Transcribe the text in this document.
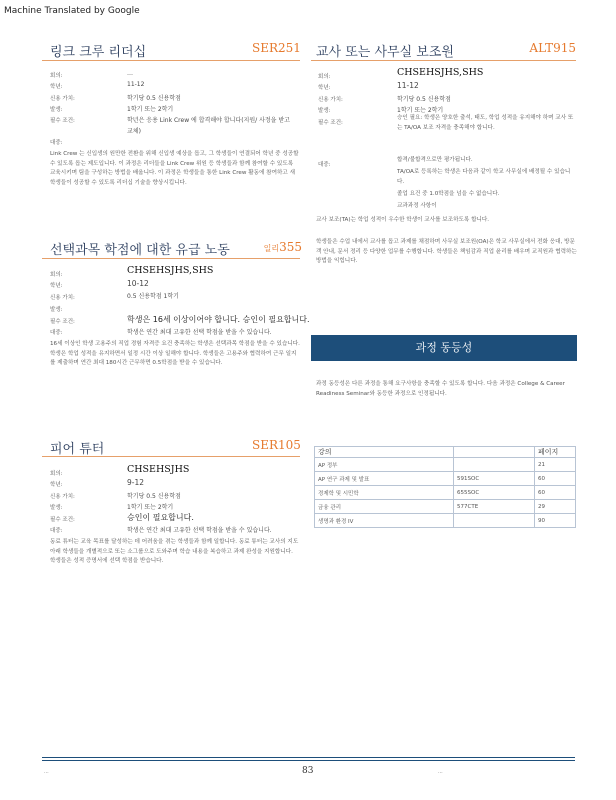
Machine Translated by Google
링크 크루 리더십	SER251
회의:	…
학년:	11-12
신용 가치:	학기당 0.5 신용학점
발생:	1학기 또는 2학기
필수 조건:	학년은 응용 Link Crew 에 합격해야 합니다(지원/ 사정을 받고
교체)
대중:
Link Crew 는 신입생의 원만한 전환을 위해 신입생 예상을 돕고, 그 학생들이 연결되어 학년 중 성공할 수 있도록 돕는 제도입니다. 이 과정은 리더들을 Link Crew 위원 등 학생들과 함께 참여할 수 있도록 교육시키며 팀을 구성하는 방법을 배웁니다. 이 과정은 학생들을 통한 Link Crew 활동에 참여하고 새 학생들이 성공할 수 있도록 리더십 기술을 향상시킵니다.
선택과목 학점에 대한 유급 노동	일리355
회의:	CHSEHSJHS,SHS
학년:	10-12
신용 가치:	0.5 신용학점 1학기
발생:
필수 조건:	학생은 16세 이상이어야 합니다. 승인이 필요합니다.
대중:	학생은 연간 최대 고유한 선택 학점을 받을 수 있습니다.
16세 이상인 학생 고용주의 직업 경험 자격증 요건 충족하는 학생은 선택과목 학점을 받을 수 있습니다. 학생은 학업 성적을 유지하면서 일정 시간 이상 일해야 합니다. 학생들은 고용주와 협력하여 근무 일지를 제출하며 연간 최대 180시간 근무하면 0.5학점을 받을 수 있습니다.
피어 튜터	SER105
회의:	CHSEHSJHS
학년:	9-12
신용 가치:	학기당 0.5 신용학점
발생:	1학기 또는 2학기
필수 조건:	승인이 필요합니다.
대중:	학생은 연간 최대 고유한 선택 학점을 받을 수 있습니다.
동료 튜터는 교육 목표를 달성하는 데 어려움을 겪는 학생들과 함께 일합니다. 동료 튜터는 교사의 지도 아래 학생들을 개별적으로 또는 소그룹으로 도와주며 학습 내용을 복습하고 과제 완성을 지원합니다. 학생들은 성적 증명서에 선택 학점을 받습니다.
교사 또는 사무실 보조원	ALT915
회의:	CHSEHSJHS,SHS
학년:	11-12
신용 가치:	학기당 0.5 신용학점
발생:	1학기 또는 2학기
필수 조건:
승인 필요: 학생은 양호한 출석, 태도, 학업 성적을 유지해야 하며 교사 또는 TA/OA 보조 자격을 충족해야 합니다.
대중:
합격/불합격으로만 평가됩니다.
TA/OA로 등록하는 학생은 다음과 같이 학교 사무실에 배정될 수 있습니다.
졸업 요건 중 1.0학점을 넘을 수 없습니다.
교과과정 사항이
교사 보조(TA)는 학업 성적이 우수한 학생이 교사를 보조하도록 합니다.
학생들은 수업 내에서 교사를 돕고 과제를 채점하며 사무실 보조원(OA)은 학교 사무실에서 전화 응대, 방문객 안내, 문서 정리 등 다양한 업무를 수행합니다. 학생들은 책임감과 직업 윤리를 배우며 교직원과 협력하는 방법을 익힙니다.
과정 동등성
과정 동등성은 다른 과정을 통해 요구사항을 충족할 수 있도록 합니다. 다음 과정은 College & Career Readiness Seminar와 동등한 과정으로 인정됩니다.
강의		페이지
AP 정부		21
AP 연구 과제 및 발표	591SOC	60
경제학 및 시민학	655SOC	60
금융 관리	577CTE	29
생명과 환경 IV		90
...	83	...
